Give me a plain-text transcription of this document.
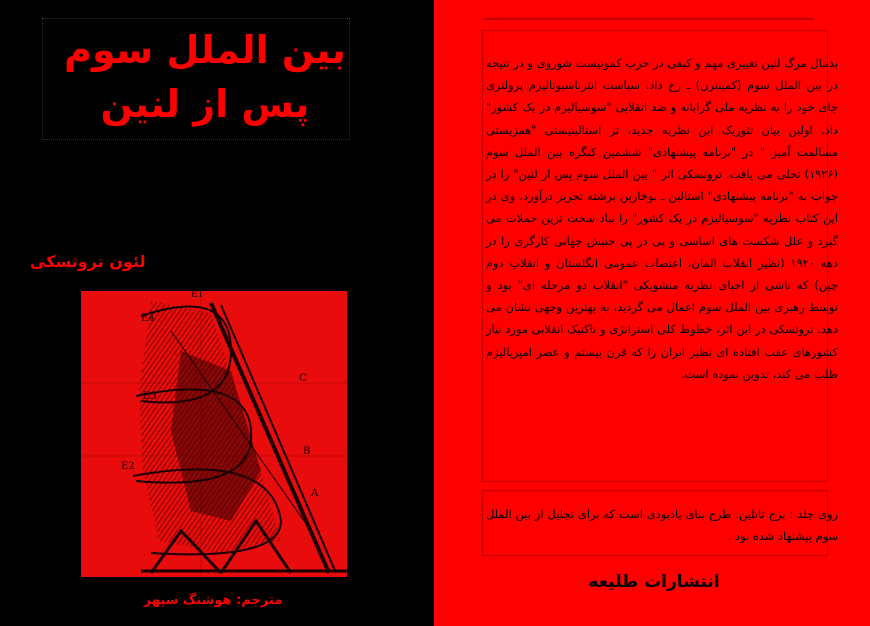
بین الملل سوم
پس از لنین
لئون تروتسکی
E4
E3
E2
E1
C
B
A
مترجم: هوشنگ سپهر
بدنبال مرگ لنین تغییری مهم و کیفی در حزب کمونیست شوروی و در نتیجه در بین الملل سوم (کمینترن) ـ رخ داد. سیاست انترناسیونالیزم پرولتری جای خود را به نظریه ملی گرایانه و ضد انقلابی "سوسیالیزم در یک کشور" داد. اولین بیان تئوریک این نظریه جدید، تز استالینیستی "همزیستی مسالمت آمیز " در "برنامه پیشنهادی" ششمین کنگره بین الملل سوم (۱۹۲۶) تجلی می یافت. تروتسکی اثر " بین الملل سوم پس از لنین" را در جواب به "برنامه پیشنهادی" استالین ـ بوخارین برشته تحریر درآورد. وی در این کتاب نظریه "سوسیالیزم در یک کشور" را بباد سخت ترین حملات می گیرد و علل شکست های اساسی و پی در پی جنبش جهانی کارگری را در دهه ۱۹۲۰ (نظیر انقلاب المان، اعتصاب عمومی انگلستان و انقلاب دوم چین) که ناشی از احیای نظریه منشویکی "انقلاب دو مرحله ای" بود و توسط رهبری بین الملل سوم اعمال می گردید، به بهترین وجهی نشان می دهد. تروتسکی در این اثر، خطوط کلی استراتژی و تاکتیک انقلابی مورد نیاز کشورهای عقب افتاده ای نظیر ایران را که قرن بیستم و عصر امپریالیزم طلب می کند، تدوین نموده است.
روی جلد : برج تاتلین. طرح بنای یادبودی است که برای تجلیل از بین الملل سوم پیشنهاد شده بود .
انتشارات طلیعه
